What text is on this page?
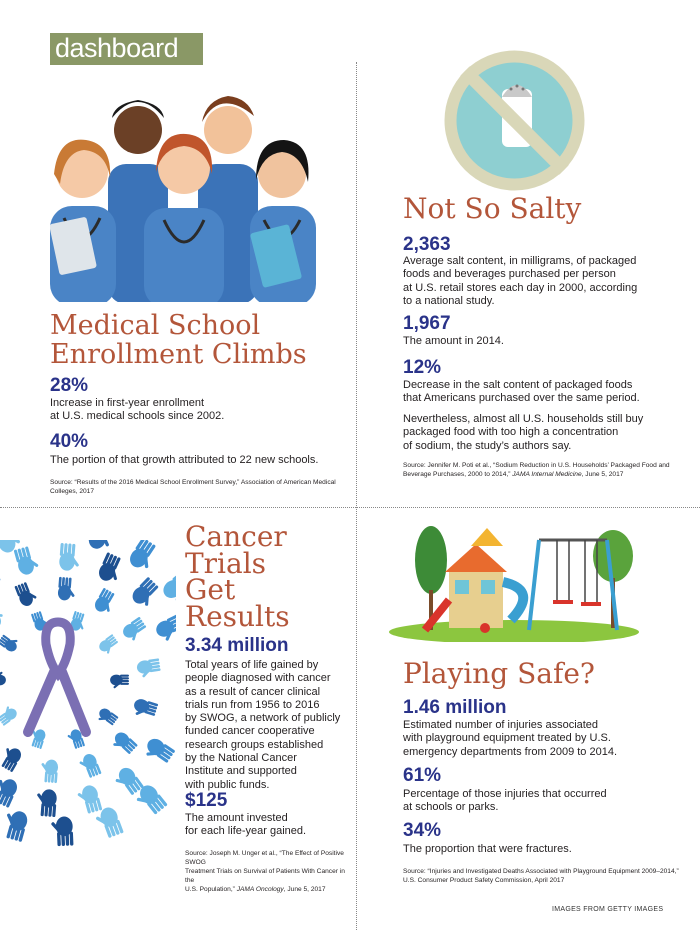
dashboard
Medical School
Enrollment Climbs
28%
Increase in first-year enrollment
at U.S. medical schools since 2002.
40%
The portion of that growth attributed to 22 new schools.
Source: “Results of the 2016 Medical School Enrollment Survey,” Association of American Medical Colleges, 2017
Not So Salty
2,363
Average salt content, in milligrams, of packaged
foods and beverages purchased per person
at U.S. retail stores each day in 2000, according
to a national study.
1,967
The amount in 2014.
12%
Decrease in the salt content of packaged foods
that Americans purchased over the same period.
Nevertheless, almost all U.S. households still buy
packaged food with too high a concentration
of sodium, the study’s authors say.
Source: Jennifer M. Poti et al., “Sodium Reduction in U.S. Households’ Packaged Food and
Beverage Purchases, 2000 to 2014,” JAMA Internal Medicine, June 5, 2017
Cancer
Trials
Get
Results
3.34 million
Total years of life gained by
people diagnosed with cancer
as a result of cancer clinical
trials run from 1956 to 2016
by SWOG, a network of publicly
funded cancer cooperative
research groups established
by the National Cancer
Institute and supported
with public funds.
$125
The amount invested
for each life-year gained.
Source: Joseph M. Unger et al., “The Effect of Positive SWOG
Treatment Trials on Survival of Patients With Cancer in the
U.S. Population,” JAMA Oncology, June 5, 2017
Playing Safe?
1.46 million
Estimated number of injuries associated
with playground equipment treated by U.S.
emergency departments from 2009 to 2014.
61%
Percentage of those injuries that occurred
at schools or parks.
34%
The proportion that were fractures.
Source: “Injuries and Investigated Deaths Associated with Playground Equipment 2009–2014,”
U.S. Consumer Product Safety Commission, April 2017
IMAGES FROM GETTY IMAGES
